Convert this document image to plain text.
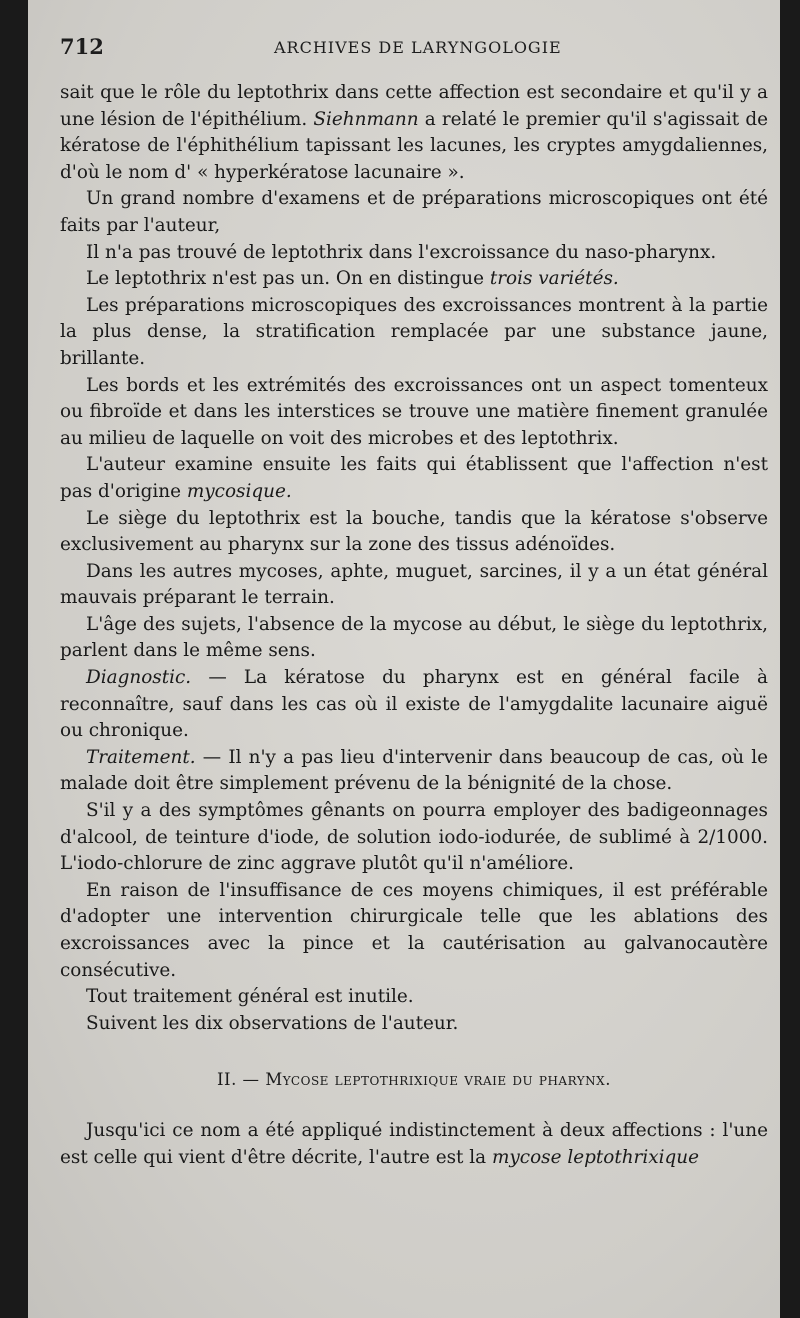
712	ARCHIVES DE LARYNGOLOGIE

sait que le rôle du leptothrix dans cette affection est secondaire et qu'il y a une lésion de l'épithélium. Siehnmann a relaté le premier qu'il s'agissait de kératose de l'éphithélium tapissant les lacunes, les cryptes amygdaliennes, d'où le nom d' « hyperkératose lacunaire ».

Un grand nombre d'examens et de préparations microscopiques ont été faits par l'auteur,

Il n'a pas trouvé de leptothrix dans l'excroissance du naso-pharynx.

Le leptothrix n'est pas un. On en distingue trois variétés.

Les préparations microscopiques des excroissances montrent à la partie la plus dense, la stratification remplacée par une substance jaune, brillante.

Les bords et les extrémités des excroissances ont un aspect tomenteux ou fibroïde et dans les interstices se trouve une matière finement granulée au milieu de laquelle on voit des microbes et des leptothrix.

L'auteur examine ensuite les faits qui établissent que l'affection n'est pas d'origine mycosique.

Le siège du leptothrix est la bouche, tandis que la kératose s'observe exclusivement au pharynx sur la zone des tissus adénoïdes.

Dans les autres mycoses, aphte, muguet, sarcines, il y a un état général mauvais préparant le terrain.

L'âge des sujets, l'absence de la mycose au début, le siège du leptothrix, parlent dans le même sens.

Diagnostic. — La kératose du pharynx est en général facile à reconnaître, sauf dans les cas où il existe de l'amygdalite lacunaire aiguë ou chronique.

Traitement. — Il n'y a pas lieu d'intervenir dans beaucoup de cas, où le malade doit être simplement prévenu de la bénignité de la chose.

S'il y a des symptômes gênants on pourra employer des badigeonnages d'alcool, de teinture d'iode, de solution iodo-iodurée, de sublimé à 2/1000. L'iodo-chlorure de zinc aggrave plutôt qu'il n'améliore.

En raison de l'insuffisance de ces moyens chimiques, il est préférable d'adopter une intervention chirurgicale telle que les ablations des excroissances avec la pince et la cautérisation au galvanocautère consécutive.

Tout traitement général est inutile.

Suivent les dix observations de l'auteur.

II. — Mycose leptothrixique vraie du pharynx.

Jusqu'ici ce nom a été appliqué indistinctement à deux affections : l'une est celle qui vient d'être décrite, l'autre est la mycose leptothrixique
